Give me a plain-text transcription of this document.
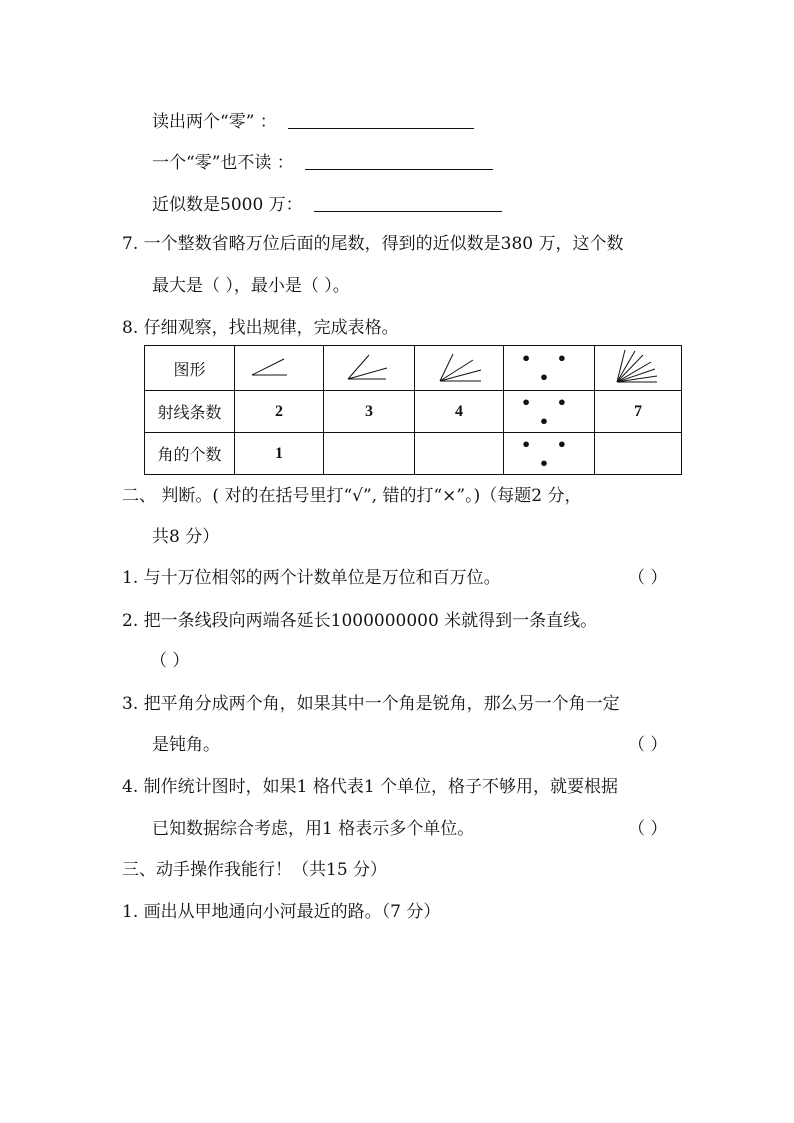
读出两个“零” ：
一个“零”也不读 ：
近似数是5000 万：
7. 一个整数省略万位后面的尾数，得到的近似数是380 万，这个数
最大是（ ），最小是（ ）。
8. 仔细观察，找出规律，完成表格。
图形				• • •	
射线条数	2	3	4	• • •	7
角的个数	1			• • •	
二、 判断。( 对的在括号里打“√”, 错的打“×”。)（每题2 分，
共8 分）
1. 与十万位相邻的两个计数单位是万位和百万位。	（ ）
2. 把一条线段向两端各延长1000000000 米就得到一条直线。
（ ）
3. 把平角分成两个角，如果其中一个角是锐角，那么另一个角一定
是钝角。	（ ）
4. 制作统计图时，如果1 格代表1 个单位，格子不够用，就要根据
已知数据综合考虑，用1 格表示多个单位。	（ ）
三、动手操作我能行！（共15 分）
1. 画出从甲地通向小河最近的路。（7 分）
